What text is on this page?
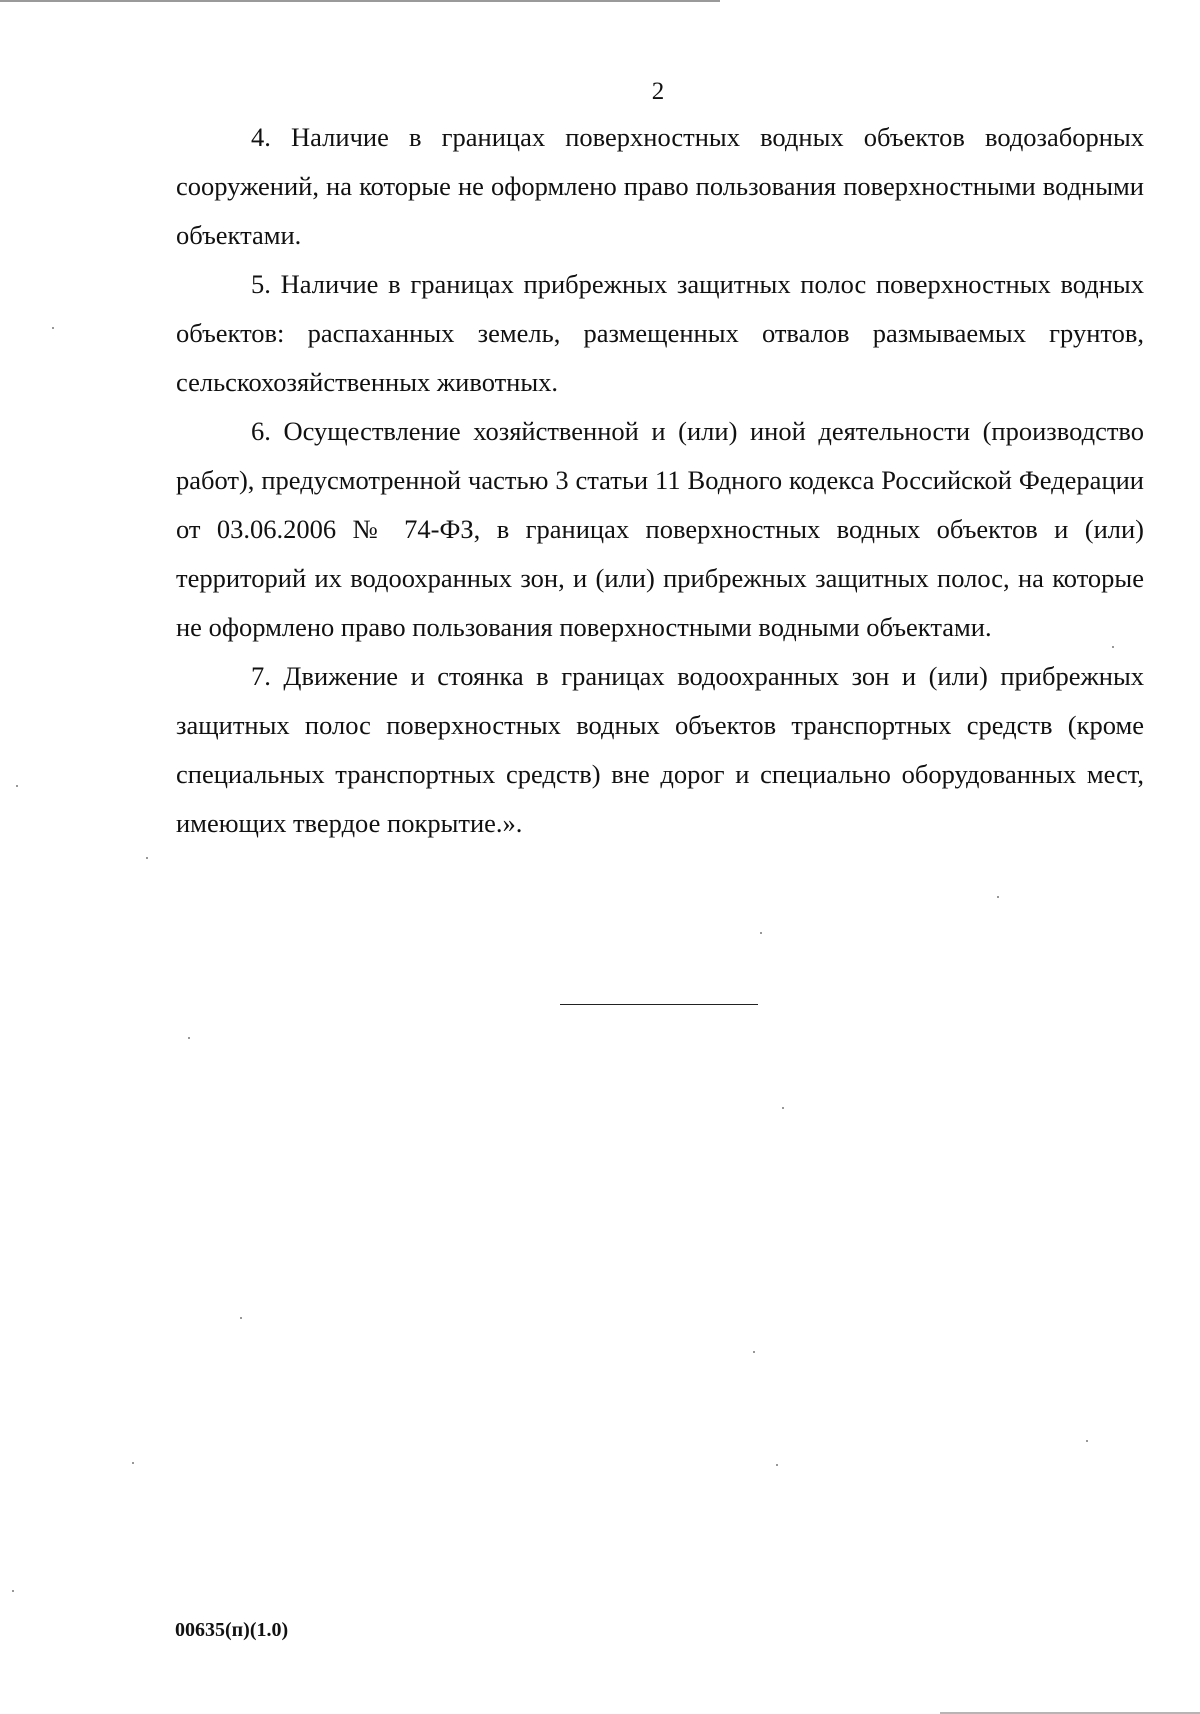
2

4. Наличие в границах поверхностных водных объектов водозаборных сооружений, на которые не оформлено право пользования поверхностными водными объектами.

5. Наличие в границах прибрежных защитных полос поверхностных водных объектов: распаханных земель, размещенных отвалов размываемых грунтов, сельскохозяйственных животных.

6. Осуществление хозяйственной и (или) иной деятельности (производство работ), предусмотренной частью 3 статьи 11 Водного кодекса Российской Федерации от 03.06.2006 № 74-ФЗ, в границах поверхностных водных объектов и (или) территорий их водоохранных зон, и (или) прибрежных защитных полос, на которые не оформлено право пользования поверхностными водными объектами.

7. Движение и стоянка в границах водоохранных зон и (или) прибрежных защитных полос поверхностных водных объектов транспортных средств (кроме специальных транспортных средств) вне дорог и специально оборудованных мест, имеющих твердое покрытие.».

00635(п)(1.0)
